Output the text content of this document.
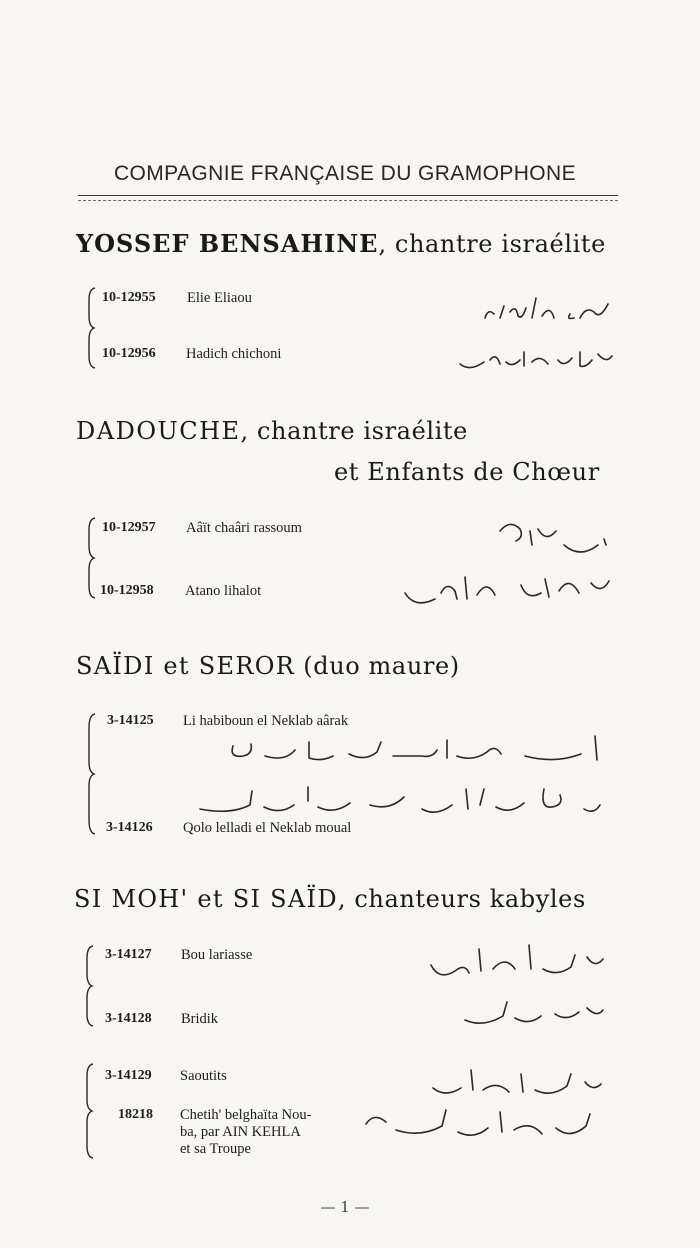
COMPAGNIE FRANÇAISE DU GRAMOPHONE
YOSSEF BENSAHINE, chantre israélite
10-12955 Elie Eliaou
10-12956 Hadich chichoni
DADOUCHE, chantre israélite
et Enfants de Chœur
10-12957 Aâït chaâri rassoum
10-12958 Atano lihalot
SAÏDI et SEROR (duo maure)
3-14125 Li habiboun el Neklab aârak
3-14126 Qolo lelladi el Neklab moual
SI MOH' et SI SAÏD, chanteurs kabyles
3-14127 Bou lariasse
3-14128 Bridik
3-14129 Saoutits
18218 Chetih' belghaïta Nou-
ba, par AIN KEHLA
et sa Troupe
— 1 —
